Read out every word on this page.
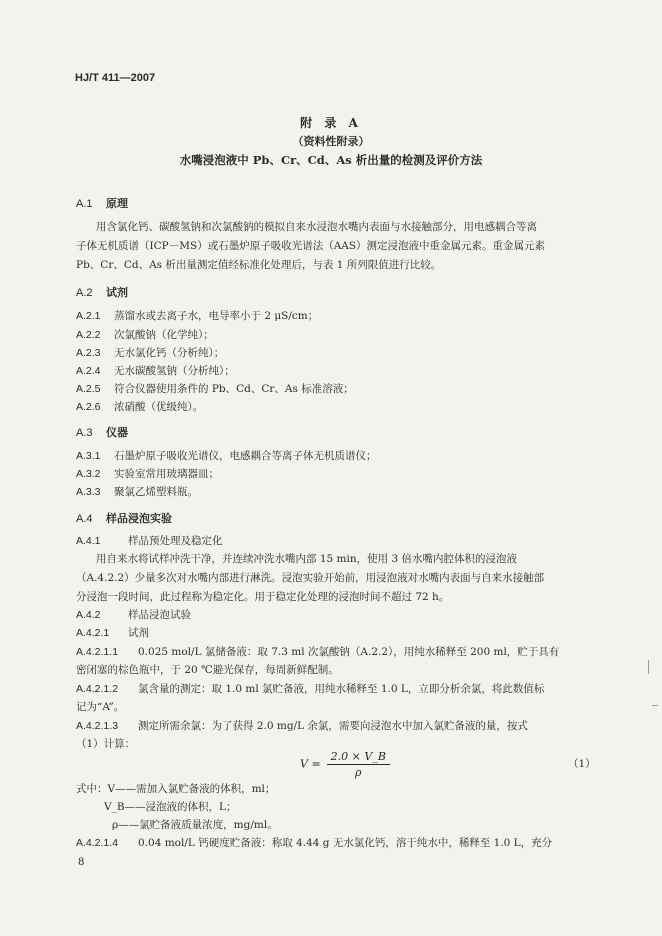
HJ/T 411—2007
附 录 A
（资料性附录）
水嘴浸泡液中 Pb、Cr、Cd、As 析出量的检测及评价方法
A.1 原理
用含氯化钙、碳酸氢钠和次氯酸钠的模拟自来水浸泡水嘴内表面与水接触部分，用电感耦合等离
子体无机质谱（ICP－MS）或石墨炉原子吸收光谱法（AAS）测定浸泡液中重金属元素。重金属元素
Pb、Cr、Cd、As 析出量测定值经标准化处理后，与表 1 所列限值进行比较。
A.2 试剂
A.2.1 蒸馏水或去离子水，电导率小于 2 μS/cm；
A.2.2 次氯酸钠（化学纯）；
A.2.3 无水氯化钙（分析纯）；
A.2.4 无水碳酸氢钠（分析纯）；
A.2.5 符合仪器使用条件的 Pb、Cd、Cr、As 标准溶液；
A.2.6 浓硝酸（优级纯）。
A.3 仪器
A.3.1 石墨炉原子吸收光谱仪，电感耦合等离子体无机质谱仪；
A.3.2 实验室常用玻璃器皿；
A.3.3 聚氯乙烯塑料瓶。
A.4 样品浸泡实验
A.4.1	样品预处理及稳定化
用自来水将试样冲洗干净，并连续冲洗水嘴内部 15 min，使用 3 倍水嘴内腔体积的浸泡液
（A.4.2.2）少量多次对水嘴内部进行淋洗。浸泡实验开始前，用浸泡液对水嘴内表面与自来水接触部
分浸泡一段时间，此过程称为稳定化。用于稳定化处理的浸泡时间不超过 72 h。
A.4.2	样品浸泡试验
A.4.2.1 试剂
A.4.2.1.1 0.025 mol/L 氯储备液：取 7.3 ml 次氯酸钠（A.2.2），用纯水稀释至 200 ml，贮于具有
密闭塞的棕色瓶中，于 20 ℃避光保存，每周新鲜配制。
A.4.2.1.2 氯含量的测定：取 1.0 ml 氯贮备液，用纯水稀释至 1.0 L，立即分析余氯，将此数值标
记为“A”。
A.4.2.1.3 测定所需余氯：为了获得 2.0 mg/L 余氯，需要向浸泡水中加入氯贮备液的量，按式
（1）计算：
$V = \frac{2.0 \times V\_B}{\rho}$	（1）
式中：V——需加入氯贮备液的体积，ml；
V_B——浸泡液的体积，L；
ρ——氯贮备液质量浓度，mg/ml。
A.4.2.1.4 0.04 mol/L 钙硬度贮备液：称取 4.44 g 无水氯化钙，溶于纯水中，稀释至 1.0 L，充分
8
